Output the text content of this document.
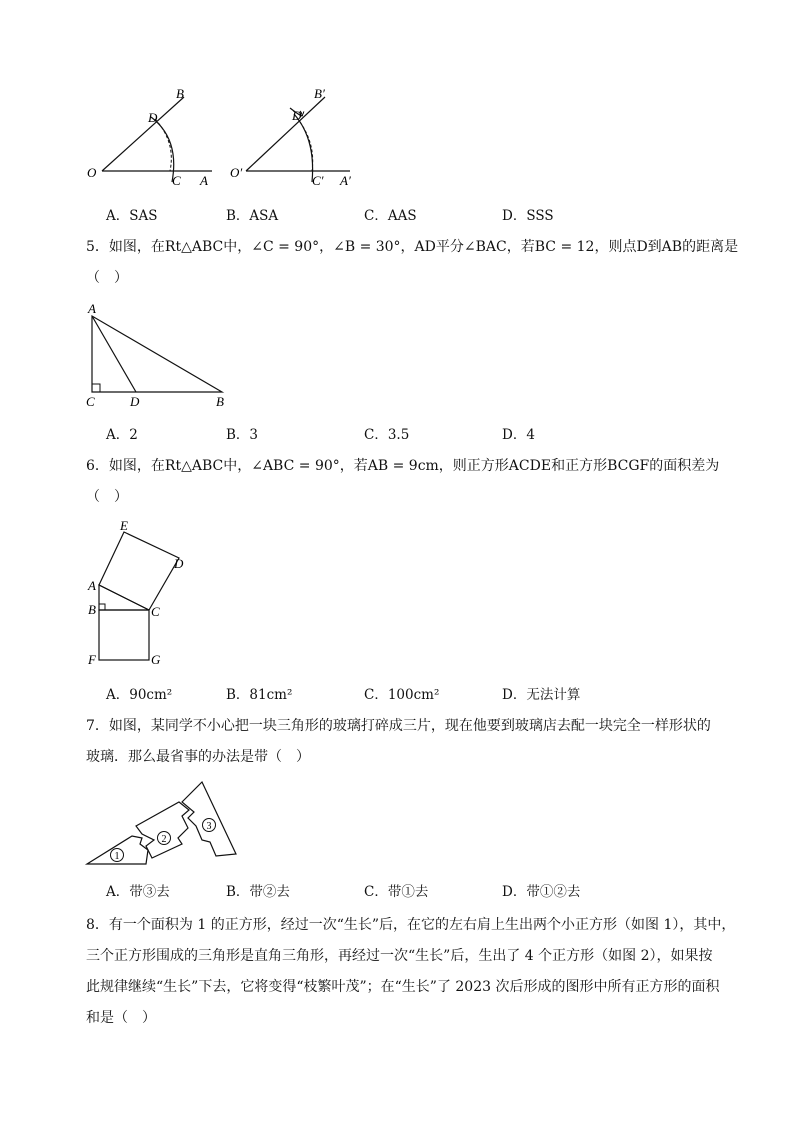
B
D
O
C A
B′
D′
O′
C′ A′
A．SAS	B．ASA	C．AAS	D．SSS
5．如图，在Rt△ABC中，∠C = 90°，∠B = 30°，AD平分∠BAC，若BC = 12，则点D到AB的距离是
（　）
A
C	D	B
A．2	B．3	C．3.5	D．4
6．如图，在Rt△ABC中，∠ABC = 90°，若AB = 9cm，则正方形ACDE和正方形BCGF的面积差为
（　）
E
D
A
B	C
F	G
A．90cm²	B．81cm²	C．100cm²	D．无法计算
7．如图，某同学不小心把一块三角形的玻璃打碎成三片，现在他要到玻璃店去配一块完全一样形状的
玻璃．那么最省事的办法是带（　）
1
2
3
A．带③去	B．带②去	C．带①去	D．带①②去
8．有一个面积为 1 的正方形，经过一次“生长”后，在它的左右肩上生出两个小正方形（如图 1），其中，
三个正方形围成的三角形是直角三角形，再经过一次“生长”后，生出了 4 个正方形（如图 2），如果按
此规律继续“生长”下去，它将变得“枝繁叶茂”；在“生长”了 2023 次后形成的图形中所有正方形的面积
和是（　）
